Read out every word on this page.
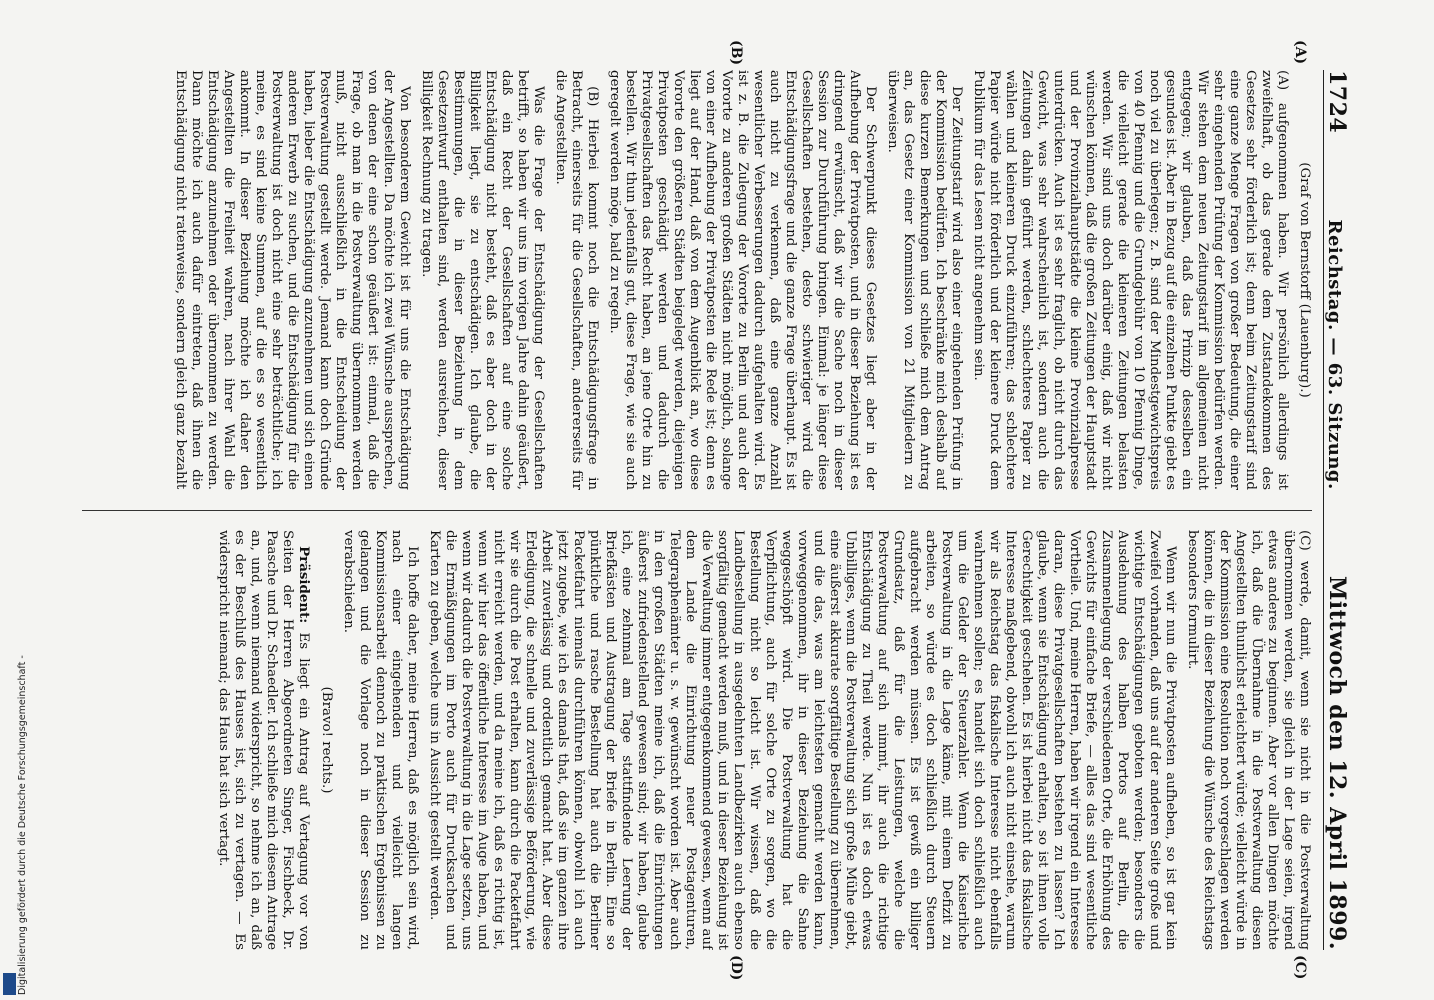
1724
Reichstag. — 63. Sitzung.
Mittwoch den 12. April 1899.
(A)
(B)
(C)
(D)

(Graf von Bernstorff (Lauenburg).)

(A) aufgenommen haben. Wir persönlich allerdings ist zweifelhaft, ob das gerade dem Zustandekommen des Gesetzes sehr förderlich ist; denn beim Zeitungstarif sind eine ganze Menge Fragen von großer Bedeutung, die einer sehr eingehenden Prüfung der Kommission bedürfen werden. Wir stehen dem neuen Zeitungstarif im allgemeinen nicht entgegen; wir glauben, daß das Prinzip desselben ein gesundes ist. Aber in Bezug auf die einzelnen Punkte giebt es noch viel zu überlegen; z. B. sind der Mindestgewichtspreis von 40 Pfennig und die Grundgebühr von 10 Pfennig Dinge, die vielleicht gerade die kleineren Zeitungen belasten werden. Wir sind uns doch darüber einig, daß wir nicht wünschen können, daß die großen Zeitungen der Hauptstadt und der Provinzialhauptstädte die kleine Provinzialpresse unterdrücken. Auch ist es sehr fraglich, ob nicht durch das Gewicht, was sehr wahrscheinlich ist, sondern auch die Zeitungen dahin geführt werden, schlechteres Papier zu wählen und kleineren Druck einzuführen; das schlechtere Papier würde nicht förderlich und der kleinere Druck dem Publikum für das Lesen nicht angenehm sein.

Der Zeitungstarif wird also einer eingehenden Prüfung in der Kommission bedürfen. Ich beschränke mich deshalb auf diese kurzen Bemerkungen und schließe mich dem Antrag an, das Gesetz einer Kommission von 21 Mitgliedern zu überweisen.

Der Schwerpunkt dieses Gesetzes liegt aber in der Aufhebung der Privatposten, und in dieser Beziehung ist es dringend erwünscht, daß wir die Sache noch in dieser Session zur Durchführung bringen. Einmal: je länger diese Gesellschaften bestehen, desto schwieriger wird die Entschädigungsfrage und die ganze Frage überhaupt. Es ist auch nicht zu verkennen, daß eine ganze Anzahl wesentlicher Verbesserungen dadurch aufgehalten wird. Es ist z. B. die Zulegung der Vororte zu Berlin und auch der Vororte zu anderen großen Städten nicht möglich, solange von einer Aufhebung der Privatposten die Rede ist; denn es liegt auf der Hand, daß von dem Augenblick an, wo diese Vororte den größeren Städten beigelegt werden, diejenigen Privatposten geschädigt werden und dadurch die Privatgesellschaften das Recht haben, an jene Orte hin zu bestellen. Wir thun jedenfalls gut, diese Frage, wie sie auch geregelt werden möge, bald zu regeln.

(B) Hierbei kommt noch die Entschädigungsfrage in Betracht, einerseits für die Gesellschaften, andererseits für die Angestellten.

Was die Frage der Entschädigung der Gesellschaften betrifft, so haben wir uns im vorigen Jahre dahin geäußert, daß ein Recht der Gesellschaften auf eine solche Entschädigung nicht besteht, daß es aber doch in der Billigkeit liegt, sie zu entschädigen. Ich glaube, die Bestimmungen, die in dieser Beziehung in dem Gesetzentwurf enthalten sind, werden ausreichen, dieser Billigkeit Rechnung zu tragen.

Von besonderem Gewicht ist für uns die Entschädigung der Angestellten. Da möchte ich zwei Wünsche aussprechen, von denen der eine schon geäußert ist: einmal, daß die Frage, ob man in die Postverwaltung übernommen werden muß, nicht ausschließlich in die Entscheidung der Postverwaltung gestellt werde. Jemand kann doch Gründe haben, lieber die Entschädigung anzunehmen und sich einen anderen Erwerb zu suchen, und die Entschädigung für die Postverwaltung ist doch nicht eine sehr beträchtliche; ich meine, es sind keine Summen, auf die es so wesentlich ankommt. In dieser Beziehung möchte ich daher den Angestellten die Freiheit wahren, nach ihrer Wahl die Entschädigung anzunehmen oder übernommen zu werden. Dann möchte ich auch dafür eintreten, daß ihnen die Entschädigung nicht ratenweise, sondern gleich ganz bezahlt

(C) werde, damit, wenn sie nicht in die Postverwaltung übernommen werden, sie gleich in der Lage seien, irgend etwas anderes zu beginnen. Aber vor allen Dingen möchte ich, daß die Übernahme in die Postverwaltung diesen Angestellten thunlichst erleichtert würde; vielleicht würde in der Kommission eine Resolution noch vorgeschlagen werden können, die in dieser Beziehung die Wünsche des Reichstags besonders formulirt.

Wenn wir nun die Privatposten aufheben, so ist gar kein Zweifel vorhanden, daß uns auf der anderen Seite große und wichtige Entschädigungen geboten werden; besonders die Ausdehnung des halben Portos auf Berlin, die Zusammenlegung der verschiedenen Orte, die Erhöhung des Gewichts für einfache Briefe, — alles das sind wesentliche Vortheile. Und, meine Herren, haben wir irgend ein Interesse daran, diese Privatgesellschaften bestehen zu lassen? Ich glaube, wenn sie Entschädigung erhalten, so ist ihnen volle Gerechtigkeit geschehen. Es ist hierbei nicht das fiskalische Interesse maßgebend, obwohl ich auch nicht einsehe, warum wir als Reichstag das fiskalische Interesse nicht ebenfalls wahrnehmen sollen; es handelt sich doch schließlich auch um die Gelder der Steuerzahler. Wenn die Kaiserliche Postverwaltung in die Lage käme, mit einem Defizit zu arbeiten, so würde es doch schließlich durch Steuern aufgebracht werden müssen. Es ist gewiß ein billiger Grundsatz, daß für die Leistungen, welche die Postverwaltung auf sich nimmt, ihr auch die richtige Entschädigung zu Theil werde. Nun ist es doch etwas Unbilliges, wenn die Postverwaltung sich große Mühe giebt, eine äußerst akkurate sorgfältige Bestellung zu übernehmen, und die das, was am leichtesten gemacht werden kann, vorweggenommen, ihr in dieser Beziehung die Sahne weggeschöpft wird. Die Postverwaltung hat die Verpflichtung, auch für solche Orte zu sorgen, wo die Bestellung nicht so leicht ist. Wir wissen, daß die Landbestellung in ausgedehnten Landbezirken auch ebenso sorgfältig gemacht werden muß, und in dieser Beziehung ist die Verwaltung immer entgegenkommend gewesen, wenn auf dem Lande die Einrichtung neuer Postagenturen, Telegraphenämter u. s. w. gewünscht worden ist. Aber auch in den großen Städten meine ich, daß die Einrichtungen äußerst zufriedenstellend gewesen sind; wir haben, glaube ich, eine zehnmal am Tage stattfindende Leerung der Briefkästen und Austragung der Briefe in Berlin. Eine so pünktliche und rasche Bestellung hat auch die Berliner Packetfahrt niemals durchführen können, obwohl ich auch jetzt zugebe, wie ich es damals that, daß sie im ganzen ihre Arbeit zuverlässig und ordentlich gemacht hat. Aber diese Erledigung, die schnelle und zuverlässige Beförderung, wie wir sie durch die Post erhalten, kann durch die Packetfahrt nicht erreicht werden, und da meine ich, daß es richtig ist, wenn wir hier das öffentliche Interesse im Auge haben, und wenn wir dadurch die Postverwaltung in die Lage setzen, uns die Ermäßigungen im Porto auch für Drucksachen und Karten zu geben, welche uns in Aussicht gestellt werden.

Ich hoffe daher, meine Herren, daß es möglich sein wird, nach einer eingehenden und vielleicht langen Kommissionsarbeit dennoch zu praktischen Ergebnissen zu gelangen und die Vorlage noch in dieser Session zu verabschieden.

(Bravo! rechts.)

Präsident: Es liegt ein Antrag auf Vertagung vor von Seiten der Herren Abgeordneten Singer, Fischbeck, Dr. Paasche und Dr. Schaedler. Ich schließe mich diesem Antrage an, und, wenn niemand widerspricht, so nehme ich an, daß es der Beschluß des Hauses ist, sich zu vertagen. — Es widerspricht niemand; das Haus hat sich vertagt.

Digitalisierung gefördert durch die Deutsche Forschungsgemeinschaft -
